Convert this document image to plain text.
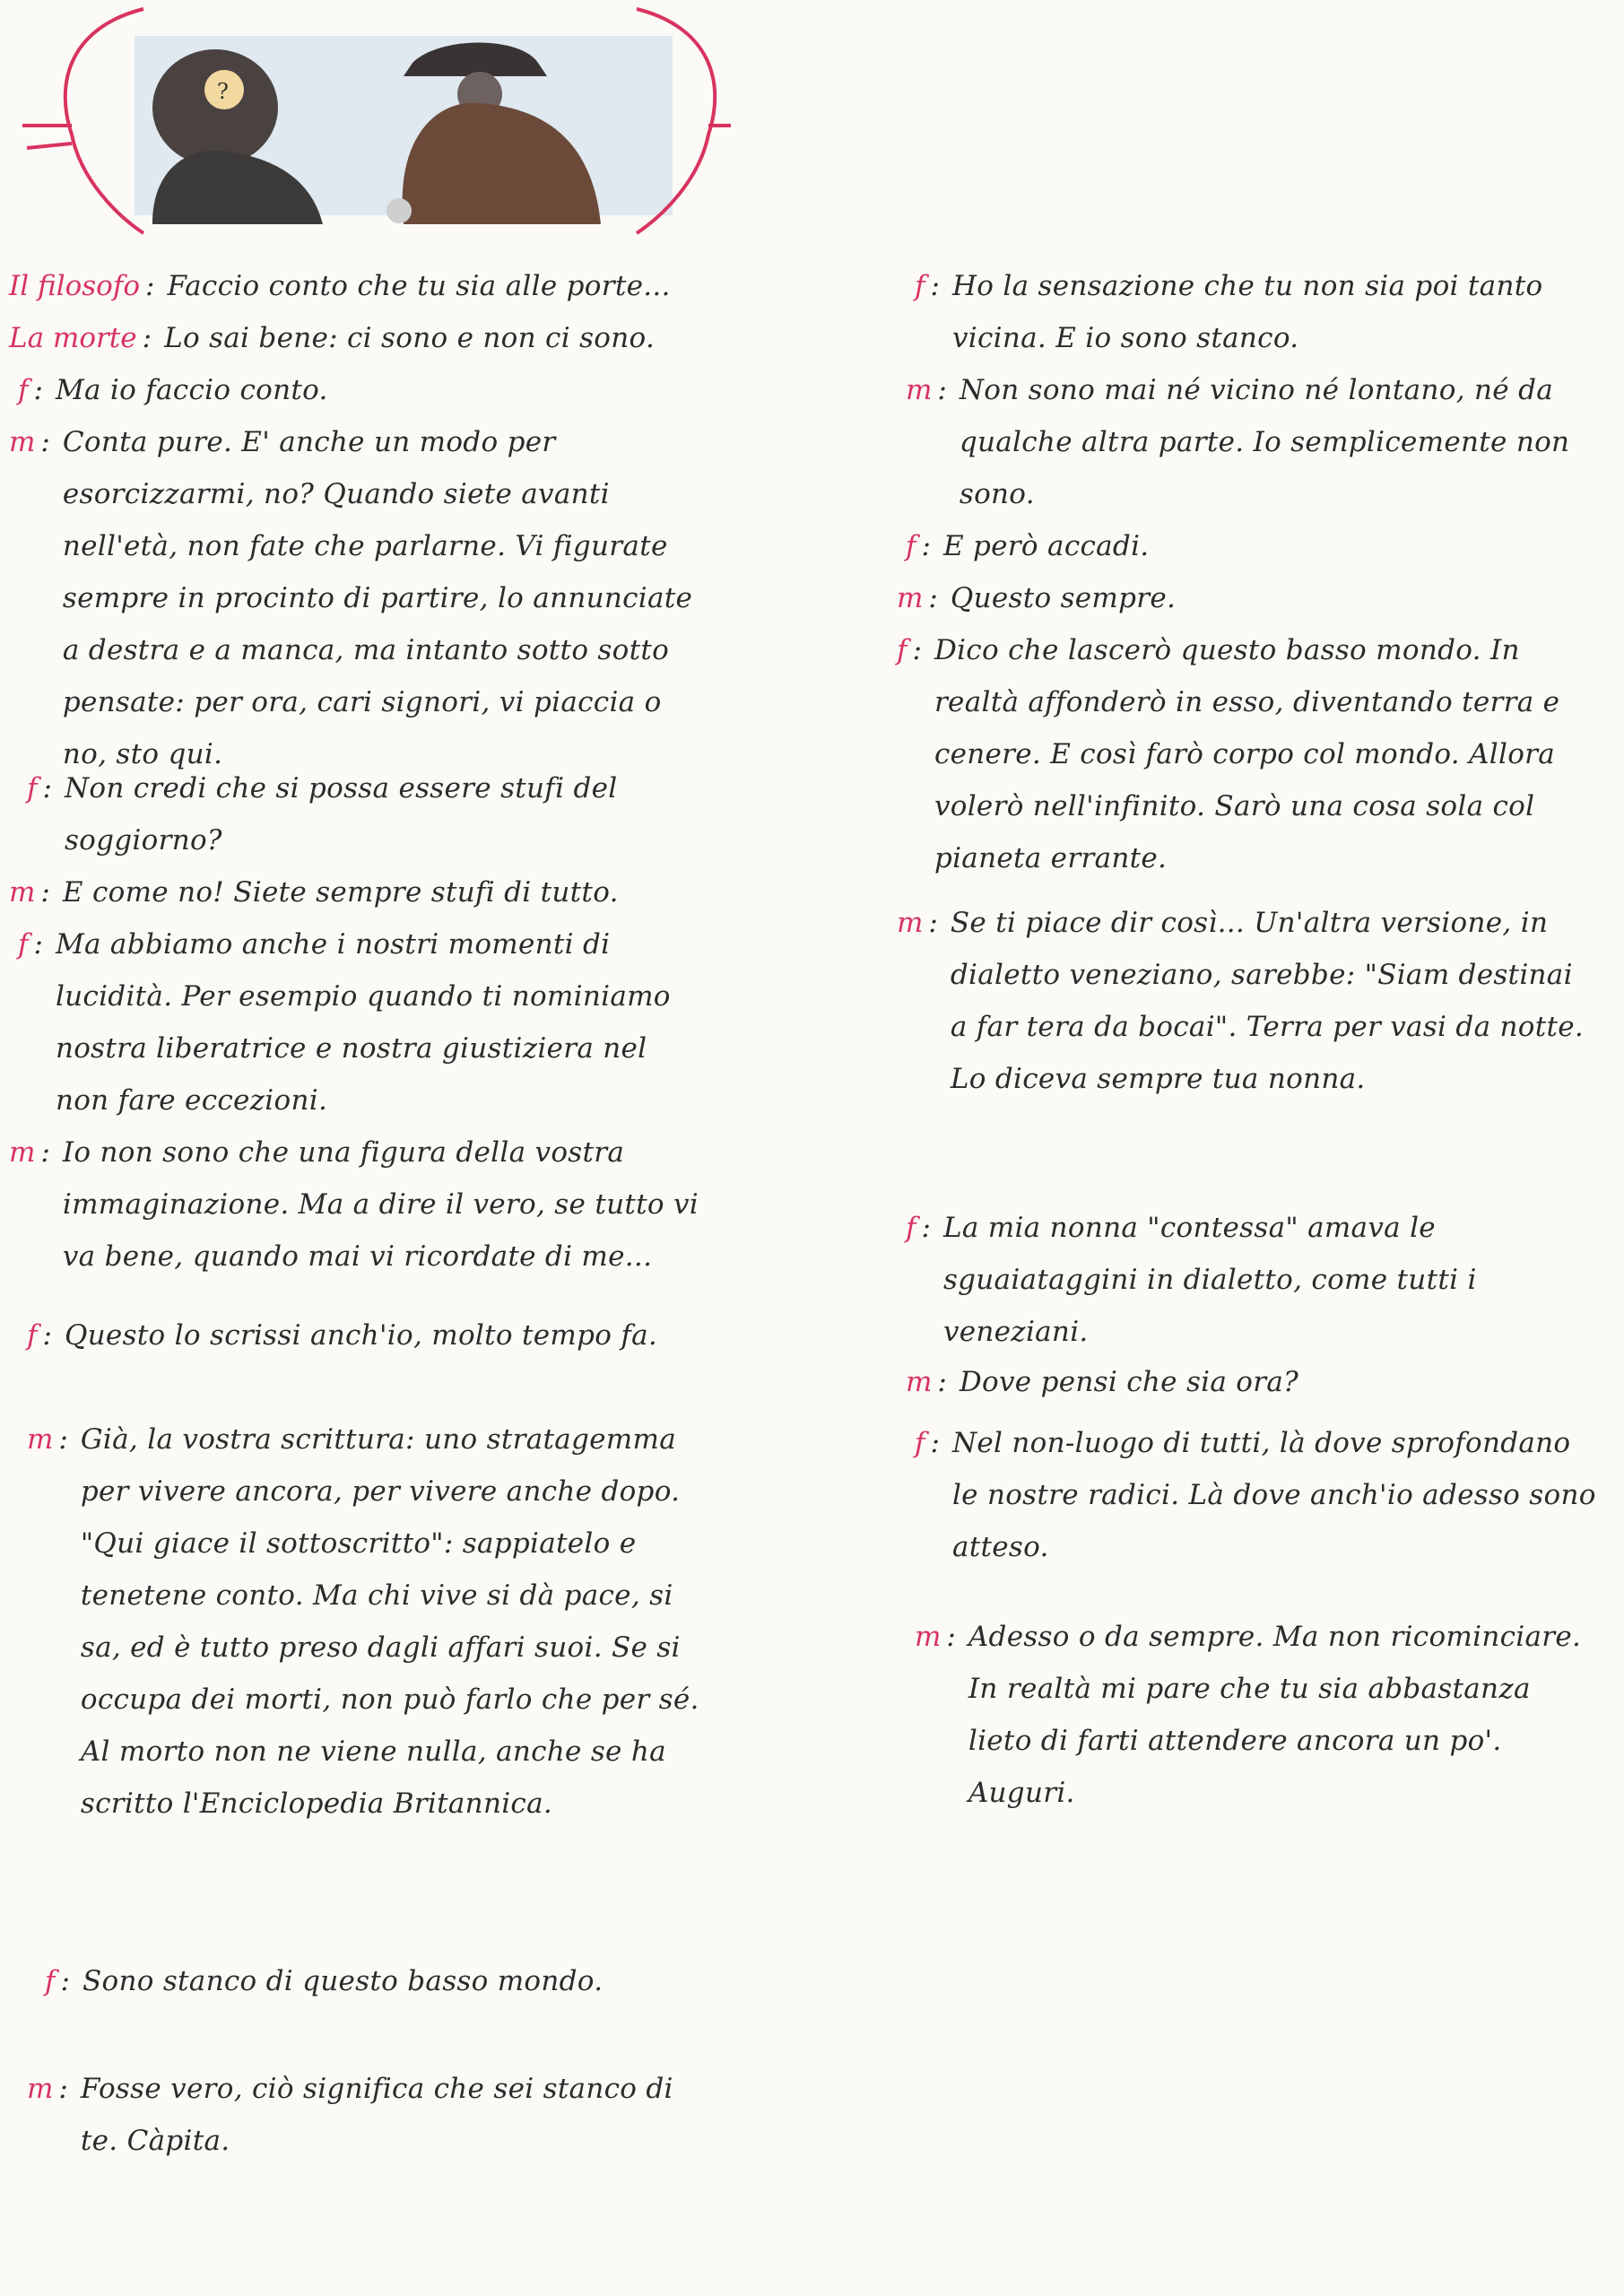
?
Il filosofo : Faccio conto che tu sia alle porte...
La morte : Lo sai bene: ci sono e non ci sono.
f : Ma io faccio conto.
m : Conta pure. E' anche un modo per esorcizzarmi, no? Quando siete avanti nell'età, non fate che parlarne. Vi figurate sempre in procinto di partire, lo annunciate a destra e a manca, ma intanto sotto sotto pensate: per ora, cari signori, vi piaccia o no, sto qui.
f : Non credi che si possa essere stufi del soggiorno?
m : E come no! Siete sempre stufi di tutto.
f : Ma abbiamo anche i nostri momenti di lucidità. Per esempio quando ti nominiamo nostra liberatrice e nostra giustiziera nel non fare eccezioni.
m : Io non sono che una figura della vostra immaginazione. Ma a dire il vero, se tutto vi va bene, quando mai vi ricordate di me...
f : Questo lo scrissi anch'io, molto tempo fa.
m : Già, la vostra scrittura: uno stratagemma per vivere ancora, per vivere anche dopo. "Qui giace il sottoscritto": sappiatelo e tenetene conto. Ma chi vive si dà pace, si sa, ed è tutto preso dagli affari suoi. Se si occupa dei morti, non può farlo che per sé. Al morto non ne viene nulla, anche se ha scritto l'Enciclopedia Britannica.
f : Sono stanco di questo basso mondo.
m : Fosse vero, ciò significa che sei stanco di te. Càpita.
f : Ho la sensazione che tu non sia poi tanto vicina. E io sono stanco.
m : Non sono mai né vicino né lontano, né da qualche altra parte. Io semplicemente non sono.
f : E però accadi.
m : Questo sempre.
f : Dico che lascerò questo basso mondo. In realtà affonderò in esso, diventando terra e cenere. E così farò corpo col mondo. Allora volerò nell'infinito. Sarò una cosa sola col pianeta errante.
m : Se ti piace dir così... Un'altra versione, in dialetto veneziano, sarebbe: "Siam destinai a far tera da bocai". Terra per vasi da notte. Lo diceva sempre tua nonna.
f : La mia nonna "contessa" amava le sguaiataggini in dialetto, come tutti i veneziani.
m : Dove pensi che sia ora?
f : Nel non-luogo di tutti, là dove sprofondano le nostre radici. Là dove anch'io adesso sono atteso.
m : Adesso o da sempre. Ma non ricominciare. In realtà mi pare che tu sia abbastanza lieto di farti attendere ancora un po'. Auguri.
